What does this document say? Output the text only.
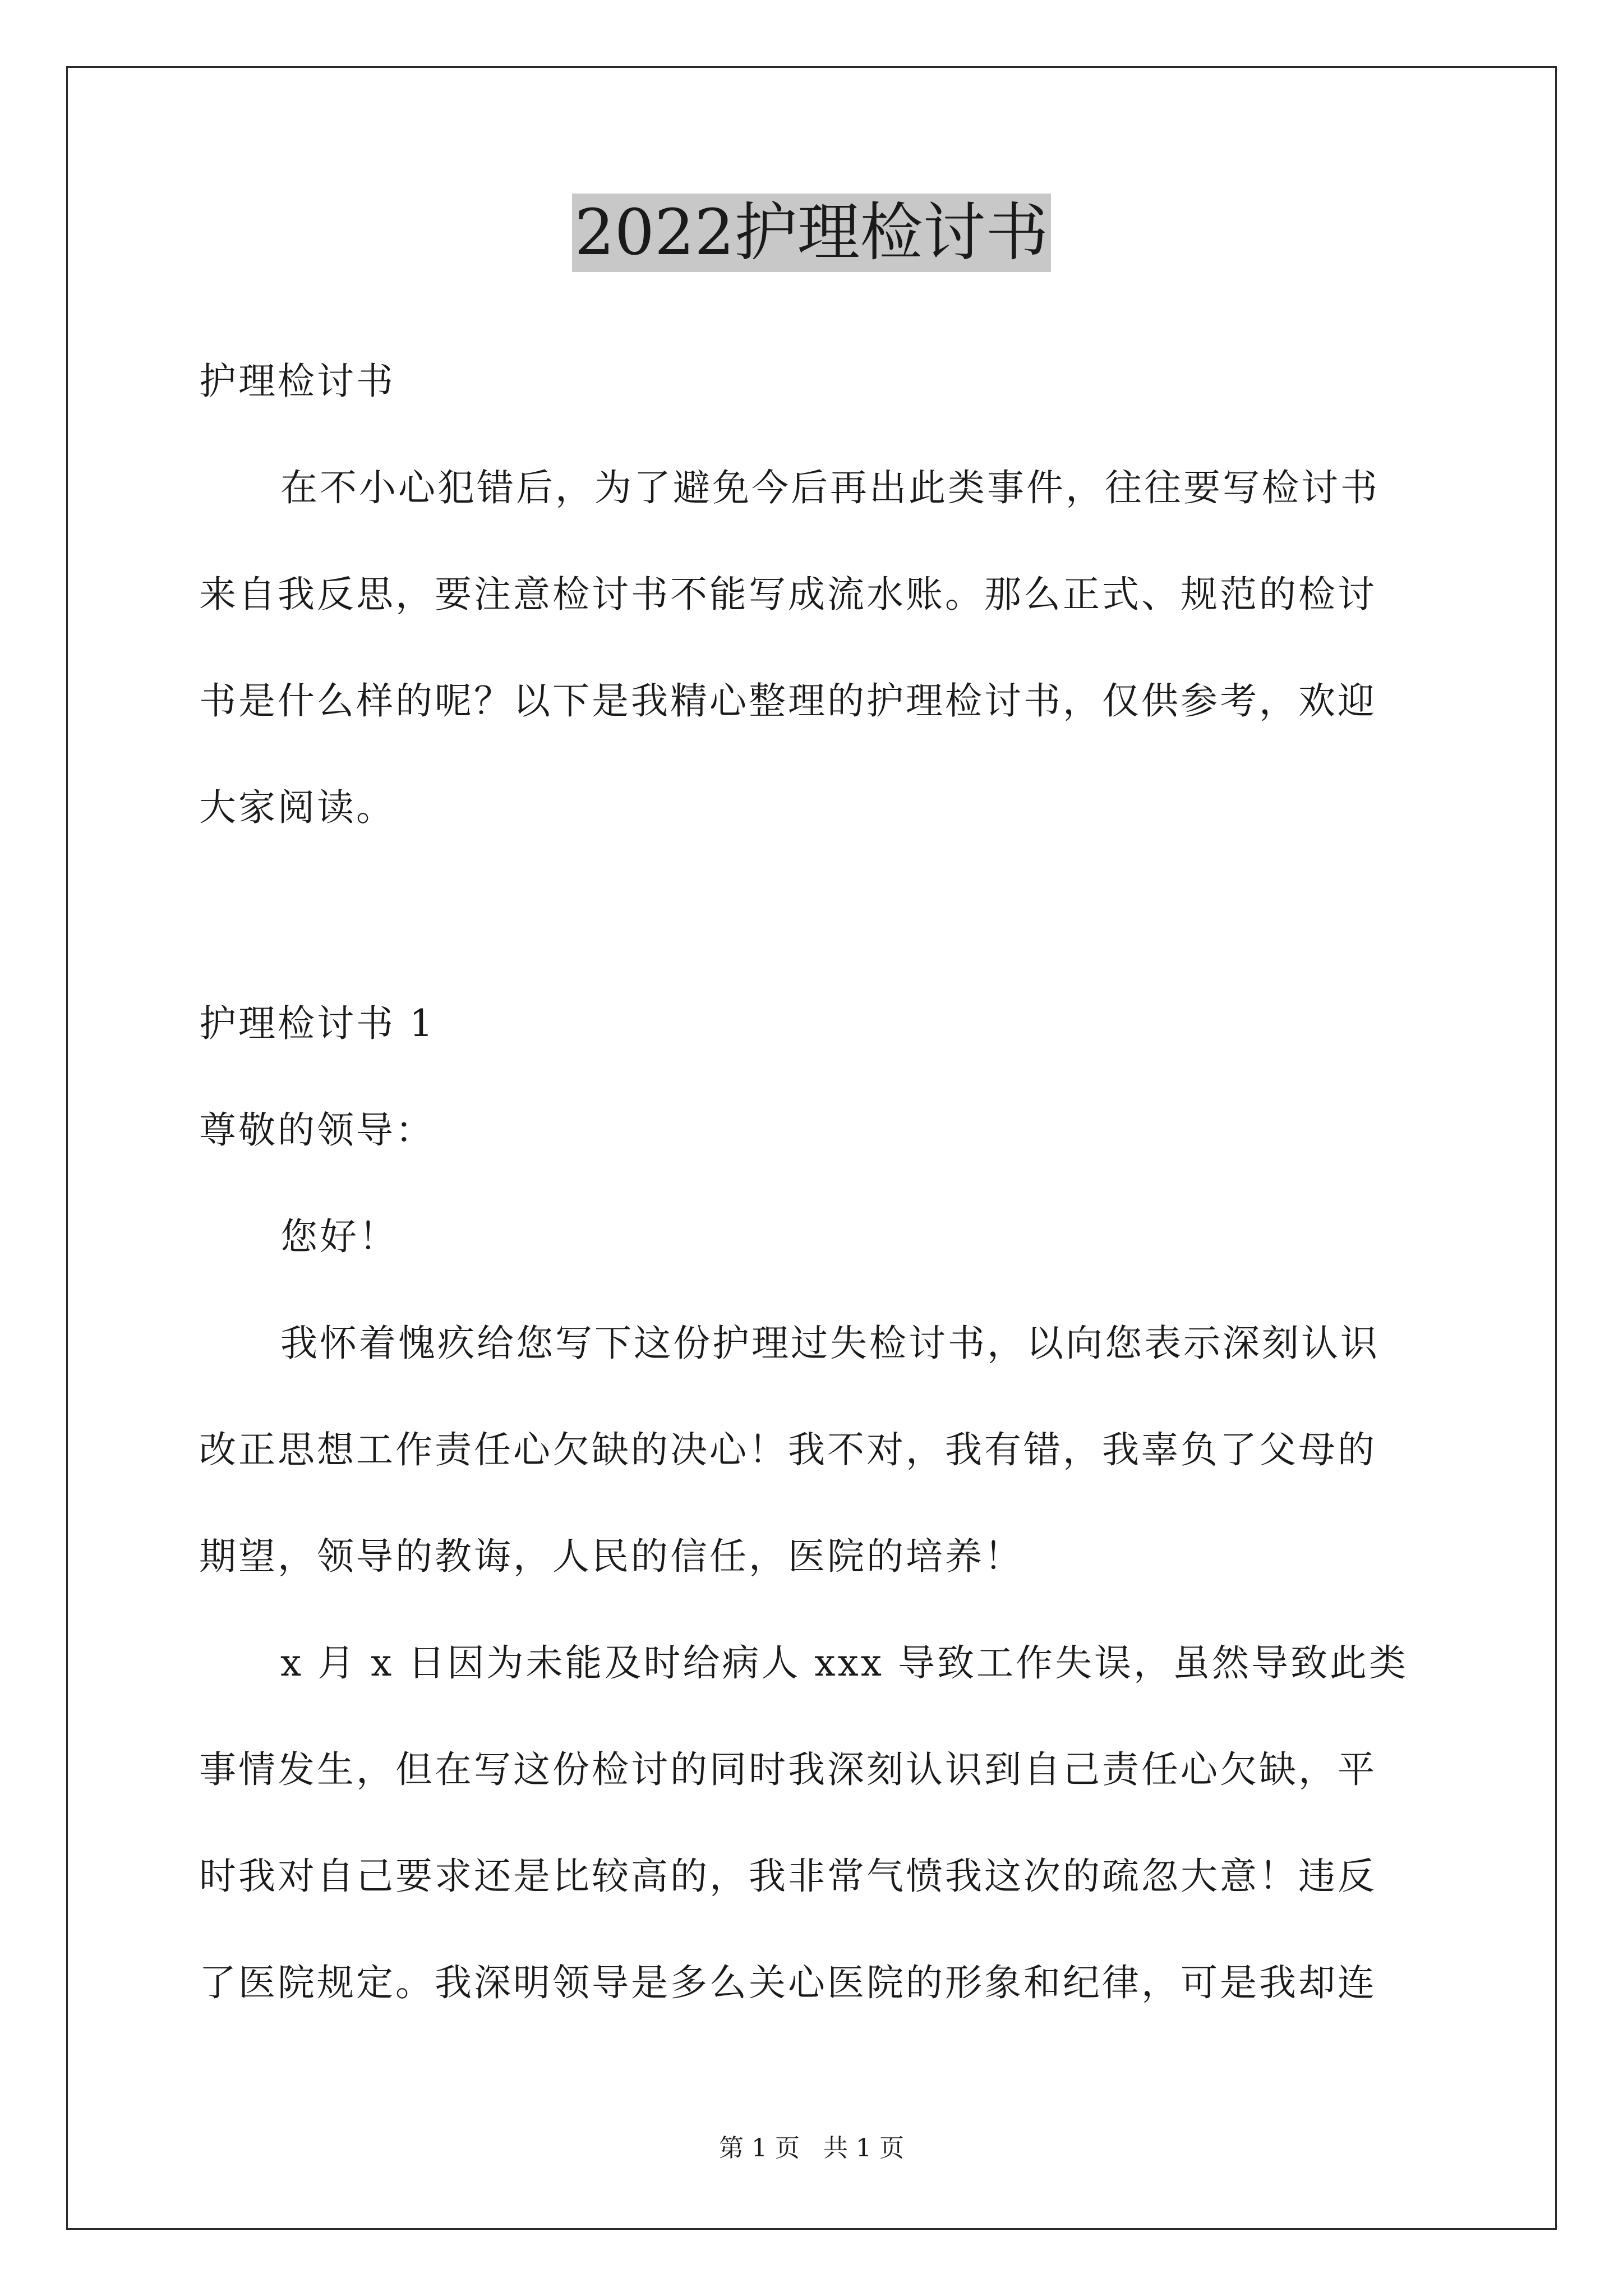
2022护理检讨书
护理检讨书
在不小心犯错后，为了避免今后再出此类事件，往往要写检讨书
来自我反思，要注意检讨书不能写成流水账。那么正式、规范的检讨
书是什么样的呢？以下是我精心整理的护理检讨书，仅供参考，欢迎
大家阅读。
护理检讨书 1
尊敬的领导：
您好！
我怀着愧疚给您写下这份护理过失检讨书，以向您表示深刻认识
改正思想工作责任心欠缺的决心！我不对，我有错，我辜负了父母的
期望，领导的教诲，人民的信任，医院的培养！
x 月 x 日因为未能及时给病人 xxx 导致工作失误，虽然导致此类
事情发生，但在写这份检讨的同时我深刻认识到自己责任心欠缺，平
时我对自己要求还是比较高的，我非常气愤我这次的疏忽大意！违反
了医院规定。我深明领导是多么关心医院的形象和纪律，可是我却连
第 1 页 共 1 页
